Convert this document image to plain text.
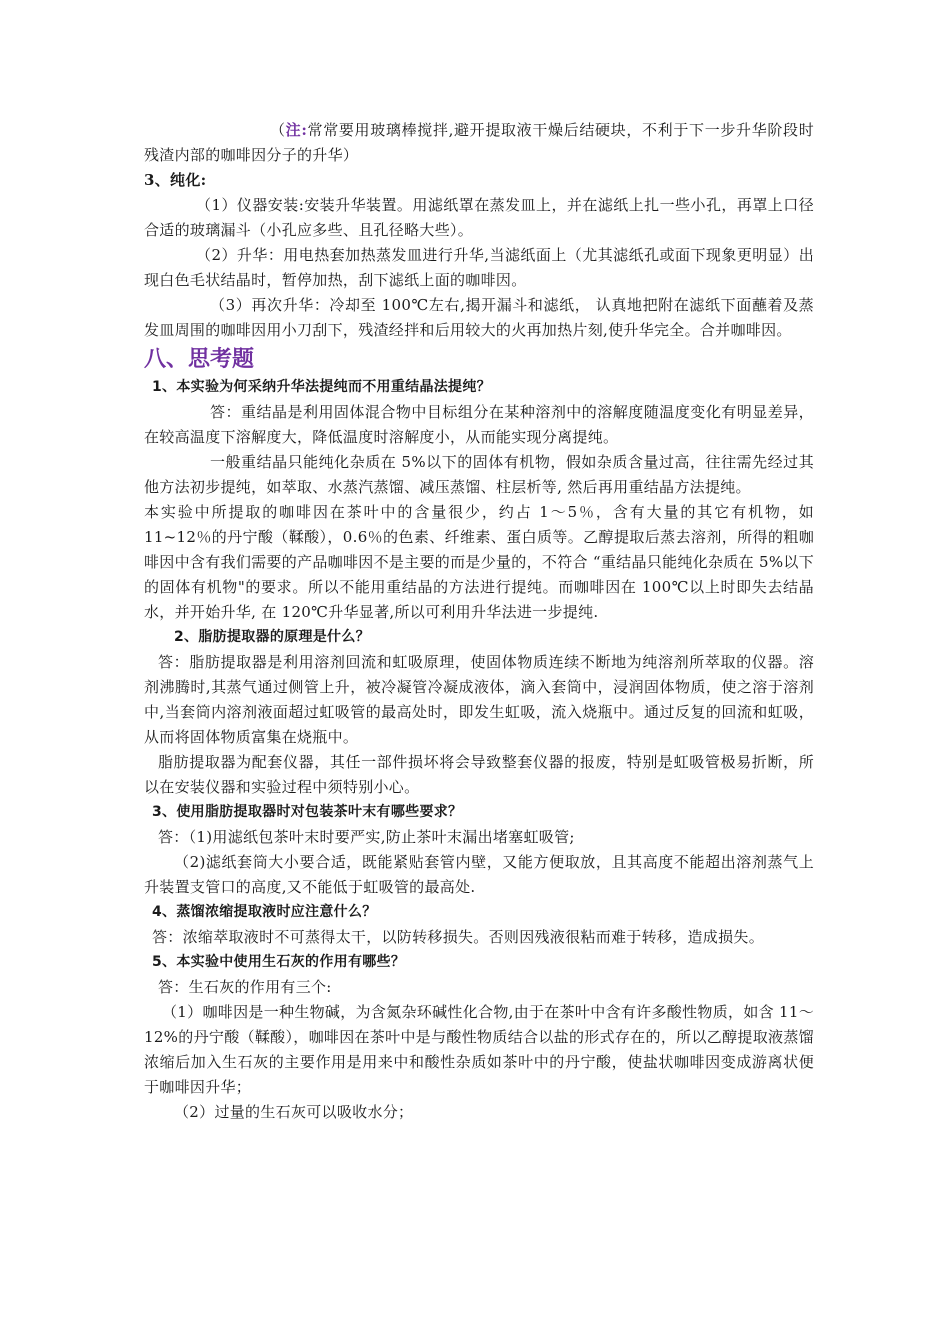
（注:常常要用玻璃棒搅拌,避开提取液干燥后结硬块，不利于下一步升华阶段时残渣内部的咖啡因分子的升华）

3、纯化:

（1）仪器安装:安装升华装置。用滤纸罩在蒸发皿上，并在滤纸上扎一些小孔，再罩上口径合适的玻璃漏斗（小孔应多些、且孔径略大些）。

（2）升华：用电热套加热蒸发皿进行升华,当滤纸面上（尤其滤纸孔或面下现象更明显）出现白色毛状结晶时，暂停加热，刮下滤纸上面的咖啡因。

（3）再次升华：冷却至 100℃左右,揭开漏斗和滤纸， 认真地把附在滤纸下面蘸着及蒸发皿周围的咖啡因用小刀刮下，残渣经拌和后用较大的火再加热片刻,使升华完全。合并咖啡因。

八、思考题

1、本实验为何采纳升华法提纯而不用重结晶法提纯？

答：重结晶是利用固体混合物中目标组分在某种溶剂中的溶解度随温度变化有明显差异，在较高温度下溶解度大，降低温度时溶解度小，从而能实现分离提纯。

一般重结晶只能纯化杂质在 5%以下的固体有机物，假如杂质含量过高，往往需先经过其他方法初步提纯，如萃取、水蒸汽蒸馏、减压蒸馏、柱层析等, 然后再用重结晶方法提纯。

本实验中所提取的咖啡因在茶叶中的含量很少，约占 1～5％，含有大量的其它有机物，如 11~12％的丹宁酸（鞣酸），0.6％的色素、纤维素、蛋白质等。乙醇提取后蒸去溶剂，所得的粗咖啡因中含有我们需要的产品咖啡因不是主要的而是少量的，不符合 “重结晶只能纯化杂质在 5%以下的固体有机物"的要求。所以不能用重结晶的方法进行提纯。而咖啡因在 100℃以上时即失去结晶水，并开始升华, 在 120℃升华显著,所以可利用升华法进一步提纯.

2、脂肪提取器的原理是什么？

答：脂肪提取器是利用溶剂回流和虹吸原理，使固体物质连续不断地为纯溶剂所萃取的仪器。溶剂沸腾时,其蒸气通过侧管上升，被冷凝管冷凝成液体，滴入套筒中，浸润固体物质，使之溶于溶剂中,当套筒内溶剂液面超过虹吸管的最高处时，即发生虹吸，流入烧瓶中。通过反复的回流和虹吸，从而将固体物质富集在烧瓶中。

脂肪提取器为配套仪器，其任一部件损坏将会导致整套仪器的报废，特别是虹吸管极易折断，所以在安装仪器和实验过程中须特别小心。

3、使用脂肪提取器时对包装茶叶末有哪些要求？

答：（1)用滤纸包茶叶末时要严实,防止茶叶末漏出堵塞虹吸管;

（2)滤纸套筒大小要合适，既能紧贴套管内壁，又能方便取放，且其高度不能超出溶剂蒸气上升装置支管口的高度,又不能低于虹吸管的最高处.

4、蒸馏浓缩提取液时应注意什么？

答：浓缩萃取液时不可蒸得太干，以防转移损失。否则因残液很粘而难于转移，造成损失。

5、本实验中使用生石灰的作用有哪些？

答：生石灰的作用有三个:

（1）咖啡因是一种生物碱，为含氮杂环碱性化合物,由于在茶叶中含有许多酸性物质，如含 11～12%的丹宁酸（鞣酸），咖啡因在茶叶中是与酸性物质结合以盐的形式存在的，所以乙醇提取液蒸馏浓缩后加入生石灰的主要作用是用来中和酸性杂质如茶叶中的丹宁酸，使盐状咖啡因变成游离状便于咖啡因升华；

（2）过量的生石灰可以吸收水分；
